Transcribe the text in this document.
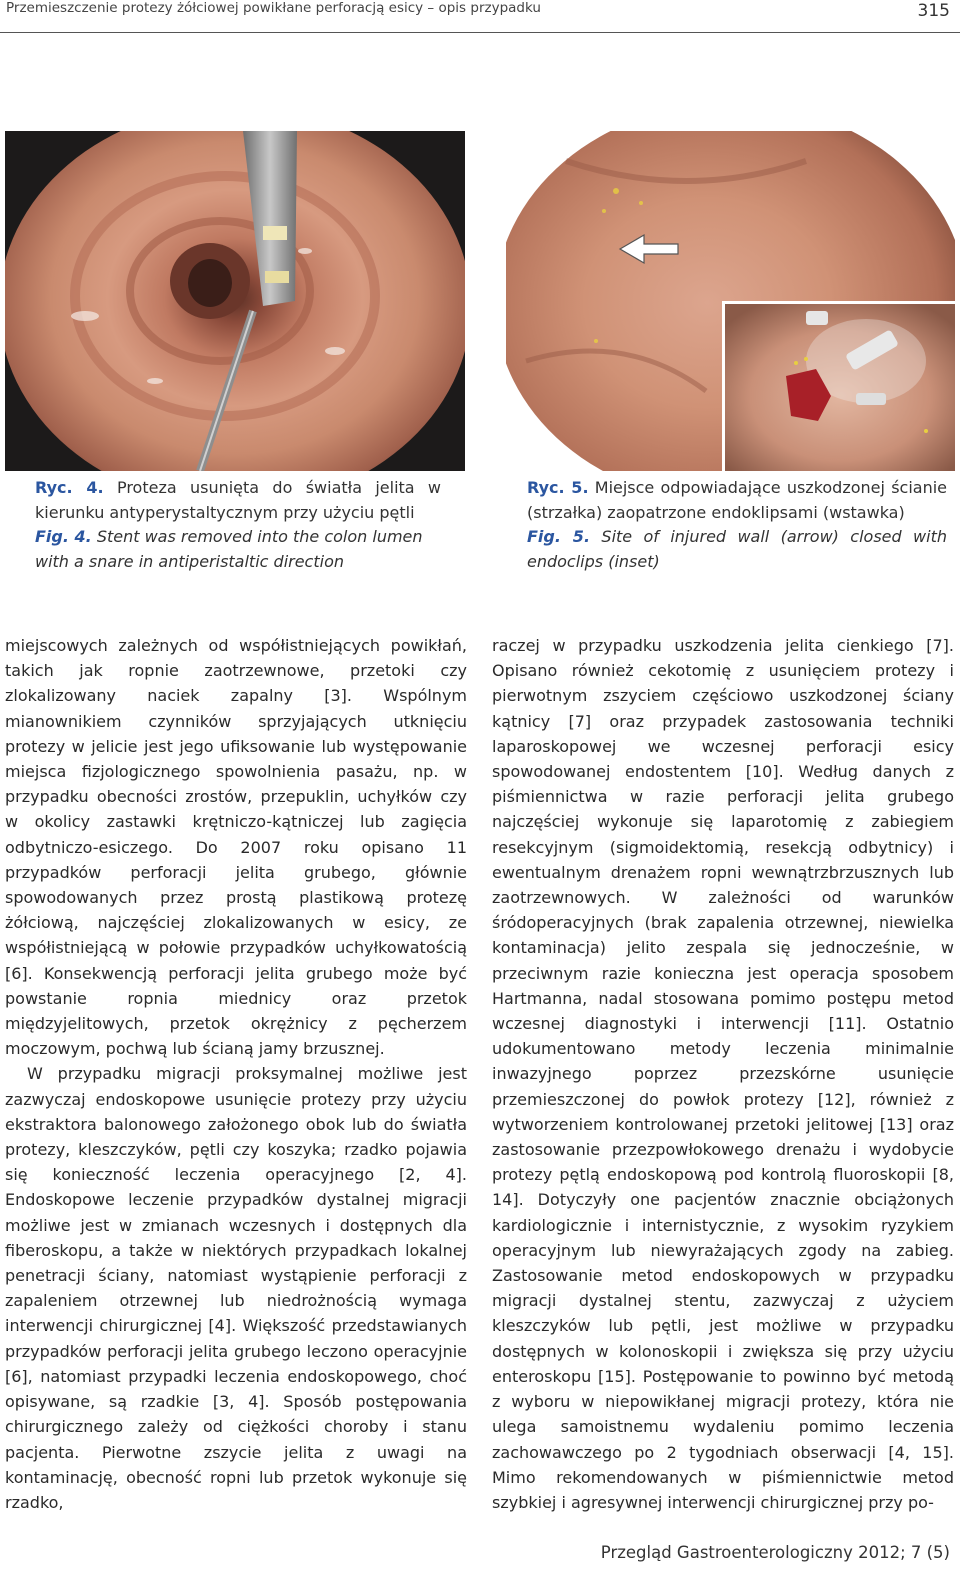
Przemieszczenie protezy żółciowej powikłane perforacją esicy – opis przypadku	315

Ryc. 4. Proteza usunięta do światła jelita w kierunku antyperystaltycznym przy użyciu pętli

Fig. 4. Stent was removed into the colon lumen with a snare in antiperistaltic direction

Ryc. 5. Miejsce odpowiadające uszkodzonej ścianie (strzałka) zaopatrzone endoklipsami (wstawka)

Fig. 5. Site of injured wall (arrow) closed with endoclips (inset)

miejscowych zależnych od współistniejących powikłań, takich jak ropnie zaotrzewnowe, przetoki czy zlokalizowany naciek zapalny [3]. Wspólnym mianownikiem czynników sprzyjających utknięciu protezy w jelicie jest jego ufiksowanie lub występowanie miejsca fizjologicznego spowolnienia pasażu, np. w przypadku obecności zrostów, przepuklin, uchyłków czy w okolicy zastawki krętniczo-kątniczej lub zagięcia odbytniczo-esiczego. Do 2007 roku opisano 11 przypadków perforacji jelita grubego, głównie spowodowanych przez prostą plastikową protezę żółciową, najczęściej zlokalizowanych w esicy, ze współistniejącą w połowie przypadków uchyłkowatością [6]. Konsekwencją perforacji jelita grubego może być powstanie ropnia miednicy oraz przetok międzyjelitowych, przetok okrężnicy z pęcherzem moczowym, pochwą lub ścianą jamy brzusznej.

W przypadku migracji proksymalnej możliwe jest zazwyczaj endoskopowe usunięcie protezy przy użyciu ekstraktora balonowego założonego obok lub do światła protezy, kleszczyków, pętli czy koszyka; rzadko pojawia się konieczność leczenia operacyjnego [2, 4]. Endoskopowe leczenie przypadków dystalnej migracji możliwe jest w zmianach wczesnych i dostępnych dla fiberoskopu, a także w niektórych przypadkach lokalnej penetracji ściany, natomiast wystąpienie perforacji z zapaleniem otrzewnej lub niedrożnością wymaga interwencji chirurgicznej [4]. Większość przedstawianych przypadków perforacji jelita grubego leczono operacyjnie [6], natomiast przypadki leczenia endoskopowego, choć opisywane, są rzadkie [3, 4]. Sposób postępowania chirurgicznego zależy od ciężkości choroby i stanu pacjenta. Pierwotne zszycie jelita z uwagi na kontaminację, obecność ropni lub przetok wykonuje się rzadko,

raczej w przypadku uszkodzenia jelita cienkiego [7]. Opisano również cekotomię z usunięciem protezy i pierwotnym zszyciem częściowo uszkodzonej ściany kątnicy [7] oraz przypadek zastosowania techniki laparoskopowej we wczesnej perforacji esicy spowodowanej endostentem [10]. Według danych z piśmiennictwa w razie perforacji jelita grubego najczęściej wykonuje się laparotomię z zabiegiem resekcyjnym (sigmoidektomią, resekcją odbytnicy) i ewentualnym drenażem ropni wewnątrzbrzusznych lub zaotrzewnowych. W zależności od warunków śródoperacyjnych (brak zapalenia otrzewnej, niewielka kontaminacja) jelito zespala się jednocześnie, w przeciwnym razie konieczna jest operacja sposobem Hartmanna, nadal stosowana pomimo postępu metod wczesnej diagnostyki i interwencji [11]. Ostatnio udokumentowano metody leczenia minimalnie inwazyjnego poprzez przezskórne usunięcie przemieszczonej do powłok protezy [12], również z wytworzeniem kontrolowanej przetoki jelitowej [13] oraz zastosowanie przezpowłokowego drenażu i wydobycie protezy pętlą endoskopową pod kontrolą fluoroskopii [8, 14]. Dotyczyły one pacjentów znacznie obciążonych kardiologicznie i internistycznie, z wysokim ryzykiem operacyjnym lub niewyrażających zgody na zabieg. Zastosowanie metod endoskopowych w przypadku migracji dystalnej stentu, zazwyczaj z użyciem kleszczyków lub pętli, jest możliwe w przypadku dostępnych w kolonoskopii i zwiększa się przy użyciu enteroskopu [15]. Postępowanie to powinno być metodą z wyboru w niepowikłanej migracji protezy, która nie ulega samoistnemu wydaleniu pomimo leczenia zachowawczego po 2 tygodniach obserwacji [4, 15]. Mimo rekomendowanych w piśmiennictwie metod szybkiej i agresywnej interwencji chirurgicznej przy po-

Przegląd Gastroenterologiczny 2012; 7 (5)
